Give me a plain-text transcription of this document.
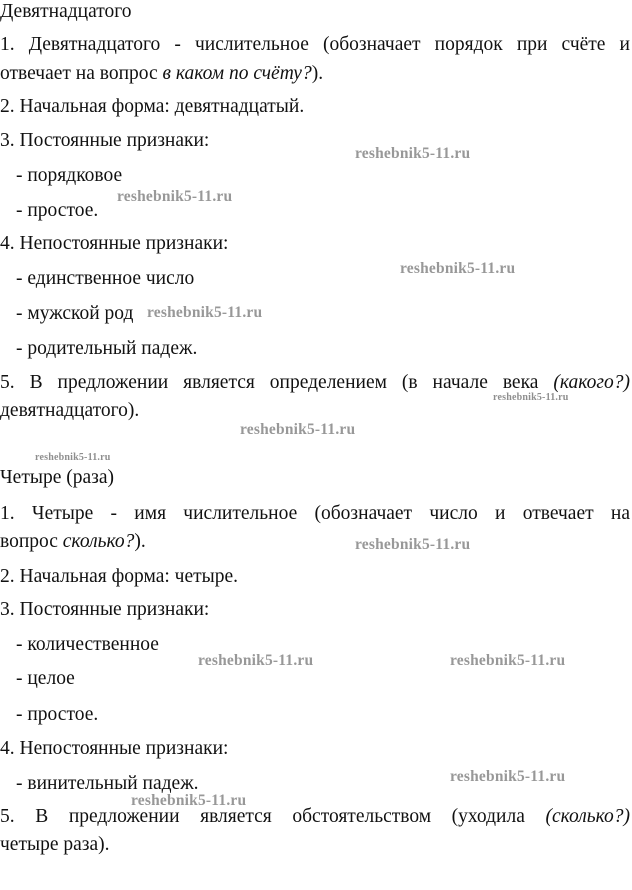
Девятнадцатого
1. Девятнадцатого - числительное (обозначает порядок при счёте и
отвечает на вопрос в каком по счёту?).
2. Начальная форма: девятнадцатый.
3. Постоянные признаки:
- порядковое
- простое.
4. Непостоянные признаки:
- единственное число
- мужской род
- родительный падеж.
5. В предложении является определением (в начале века (какого?)
девятнадцатого).
Четыре (раза)
1. Четыре - имя числительное (обозначает число и отвечает на
вопрос сколько?).
2. Начальная форма: четыре.
3. Постоянные признаки:
- количественное
- целое
- простое.
4. Непостоянные признаки:
- винительный падеж.
5. В предложении является обстоятельством (уходила (сколько?)
четыре раза).
reshebnik5-11.ru
reshebnik5-11.ru
reshebnik5-11.ru
reshebnik5-11.ru
reshebnik5-11.ru
reshebnik5-11.ru
reshebnik5-11.ru
reshebnik5-11.ru
reshebnik5-11.ru	reshebnik5-11.ru
reshebnik5-11.ru
reshebnik5-11.ru
